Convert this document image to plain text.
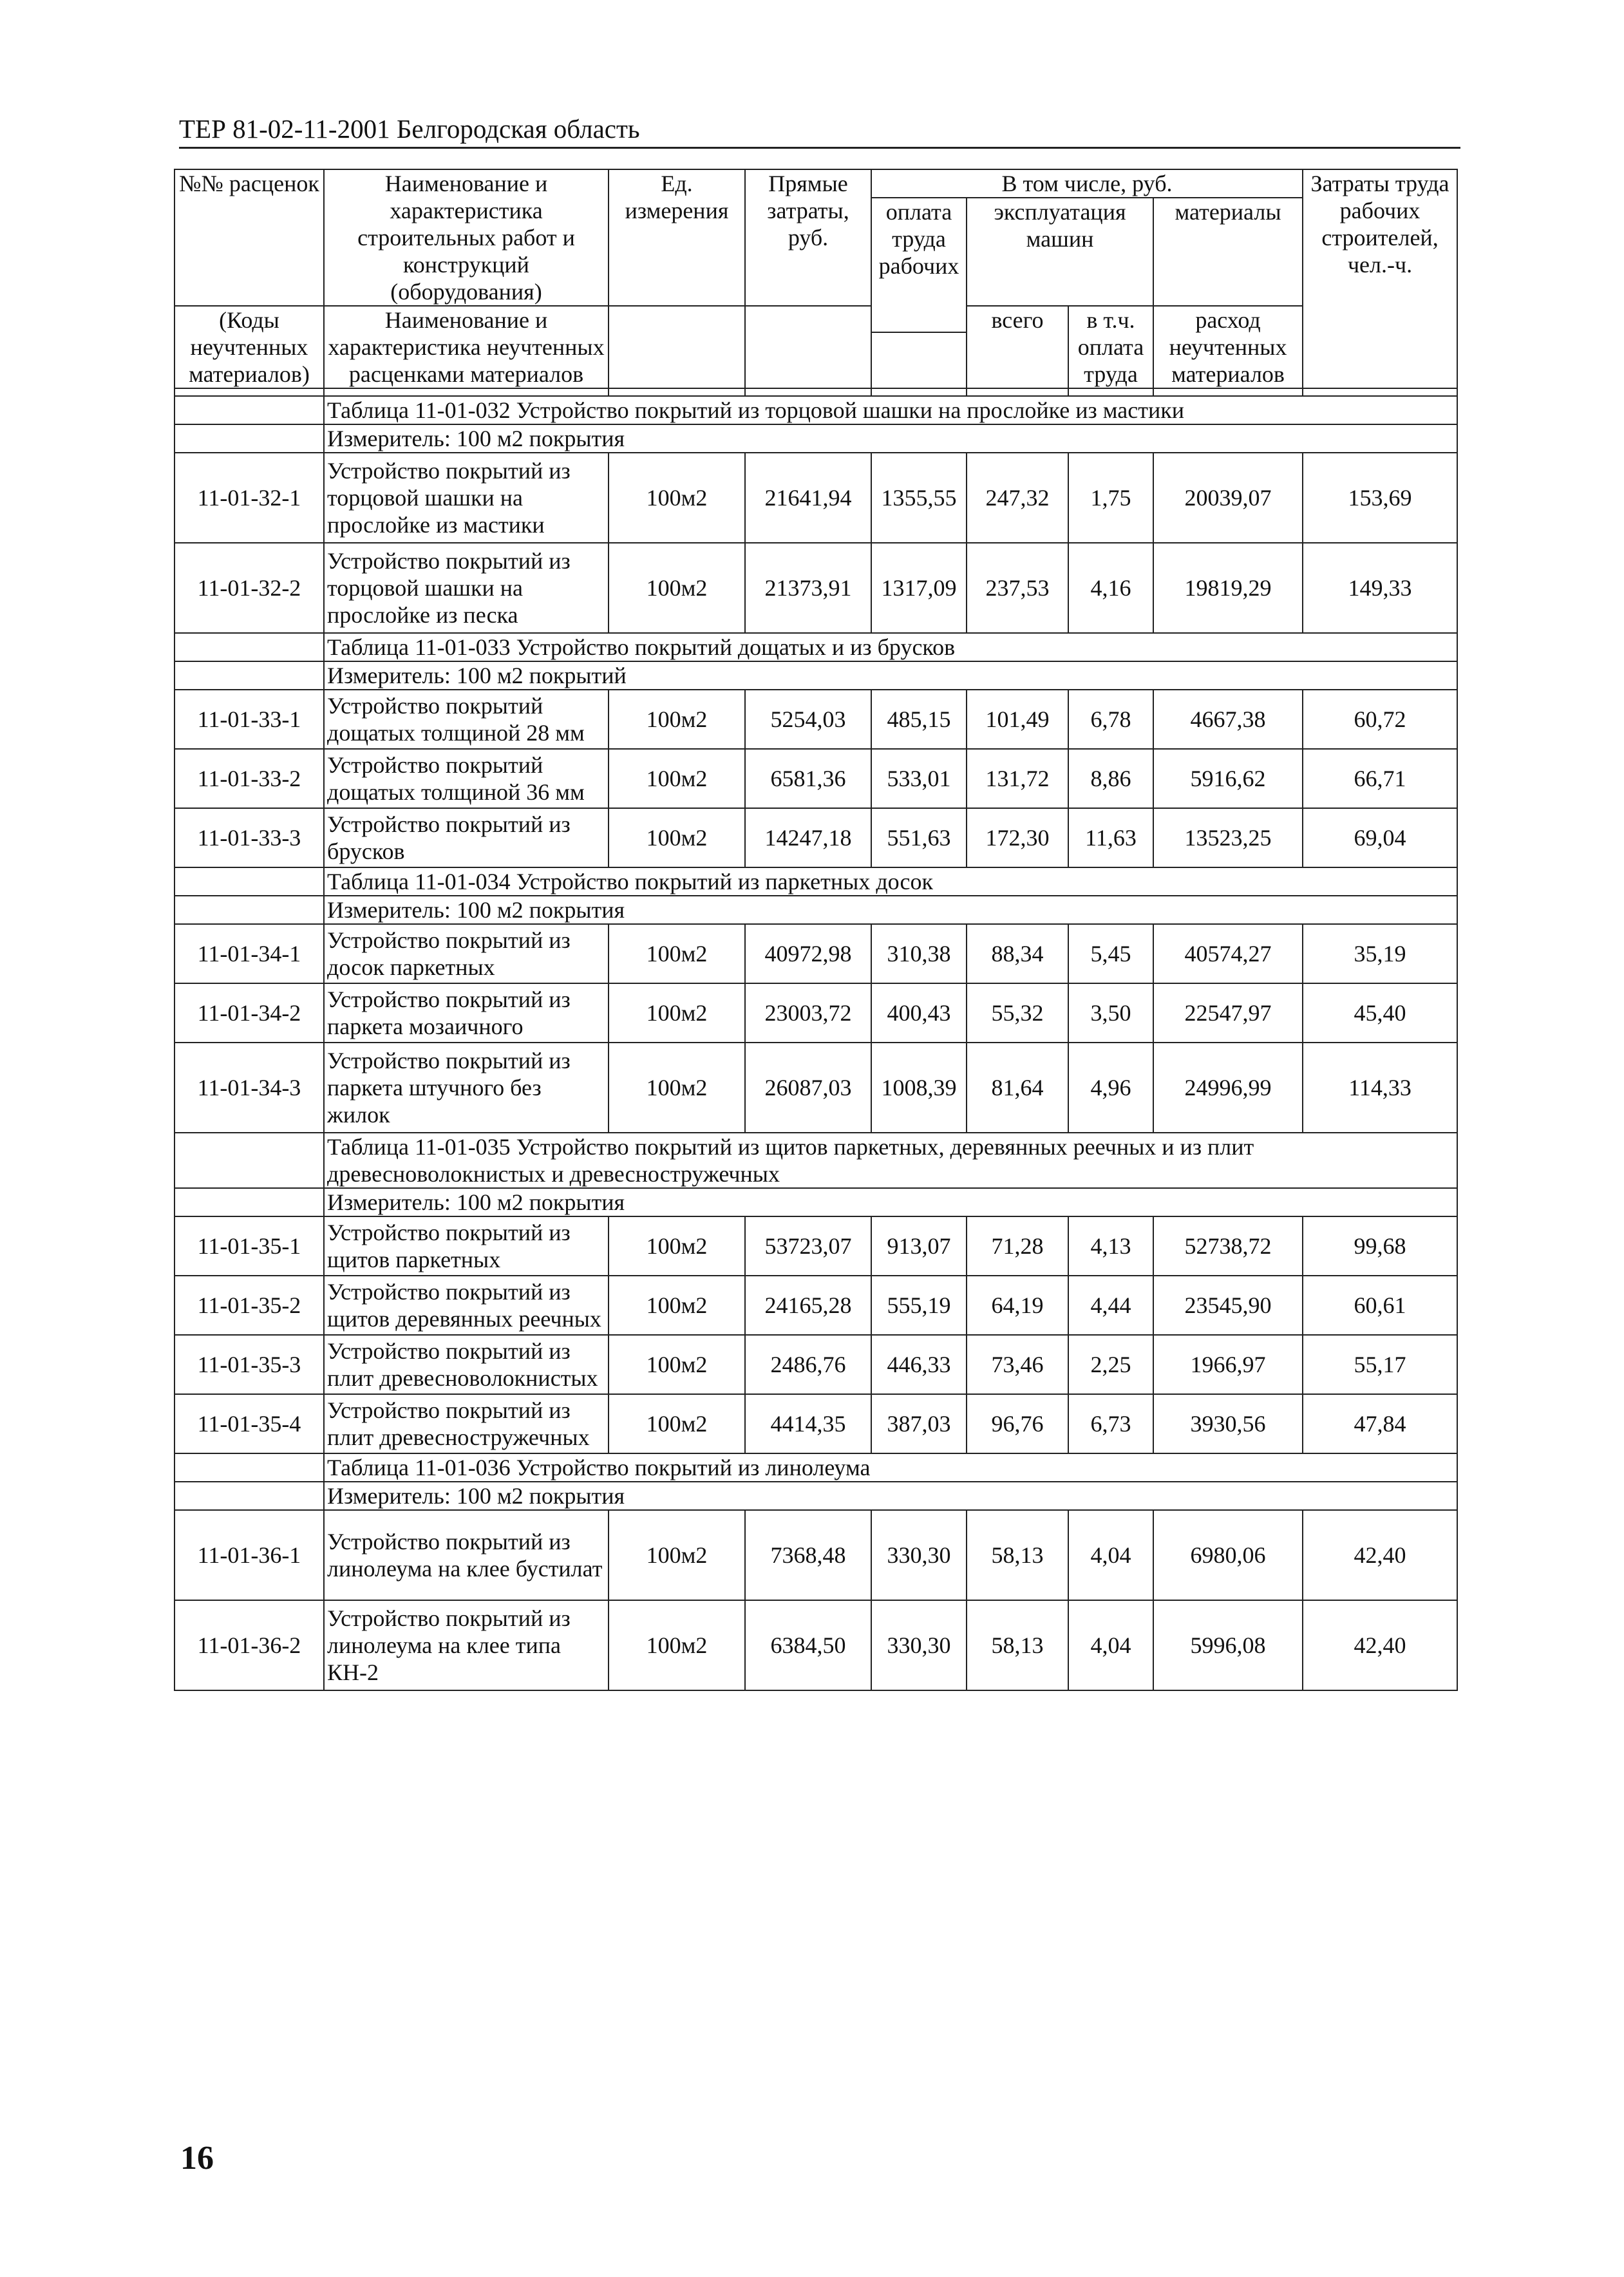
ТЕР 81-02-11-2001 Белгородская область
№№ расценок	Наименование и характеристика строительных работ и конструкций (оборудования)	Ед. измерения	Прямые затраты, руб.	В том числе, руб.				Затраты труда рабочих строителей, чел.-ч.
				оплата труда рабочих	эксплуатация машин		материалы	

(Коды неучтенных материалов)	Наименование и характеристика неучтенных расценками материалов				всего	в т.ч. оплата труда	расход неучтенных материалов	

	Таблица 11-01-032 Устройство покрытий из торцовой шашки на прослойке из мастики							
	Измеритель: 100 м2 покрытия							
11-01-32-1	Устройство покрытий из торцовой шашки на прослойке из мастики	100м2	21641,94	1355,55	247,32	1,75	20039,07	153,69
11-01-32-2	Устройство покрытий из торцовой шашки на прослойке из песка	100м2	21373,91	1317,09	237,53	4,16	19819,29	149,33
	Таблица 11-01-033 Устройство покрытий дощатых и из брусков							
	Измеритель: 100 м2 покрытий							
11-01-33-1	Устройство покрытий дощатых толщиной 28 мм	100м2	5254,03	485,15	101,49	6,78	4667,38	60,72
11-01-33-2	Устройство покрытий дощатых толщиной 36 мм	100м2	6581,36	533,01	131,72	8,86	5916,62	66,71
11-01-33-3	Устройство покрытий из брусков	100м2	14247,18	551,63	172,30	11,63	13523,25	69,04
	Таблица 11-01-034 Устройство покрытий из паркетных досок							
	Измеритель: 100 м2 покрытия							
11-01-34-1	Устройство покрытий из досок паркетных	100м2	40972,98	310,38	88,34	5,45	40574,27	35,19
11-01-34-2	Устройство покрытий из паркета мозаичного	100м2	23003,72	400,43	55,32	3,50	22547,97	45,40
11-01-34-3	Устройство покрытий из паркета штучного без жилок	100м2	26087,03	1008,39	81,64	4,96	24996,99	114,33
	Таблица 11-01-035 Устройство покрытий из щитов паркетных, деревянных реечных и из плит древесноволокнистых и древесностружечных							
	Измеритель: 100 м2 покрытия							
11-01-35-1	Устройство покрытий из щитов паркетных	100м2	53723,07	913,07	71,28	4,13	52738,72	99,68
11-01-35-2	Устройство покрытий из щитов деревянных реечных	100м2	24165,28	555,19	64,19	4,44	23545,90	60,61
11-01-35-3	Устройство покрытий из плит древесноволокнистых	100м2	2486,76	446,33	73,46	2,25	1966,97	55,17
11-01-35-4	Устройство покрытий из плит древесностружечных	100м2	4414,35	387,03	96,76	6,73	3930,56	47,84
	Таблица 11-01-036 Устройство покрытий из линолеума							
	Измеритель: 100 м2 покрытия							
11-01-36-1	Устройство покрытий из линолеума на клее бустилат	100м2	7368,48	330,30	58,13	4,04	6980,06	42,40
11-01-36-2	Устройство покрытий из линолеума на клее типа КН-2	100м2	6384,50	330,30	58,13	4,04	5996,08	42,40
16
